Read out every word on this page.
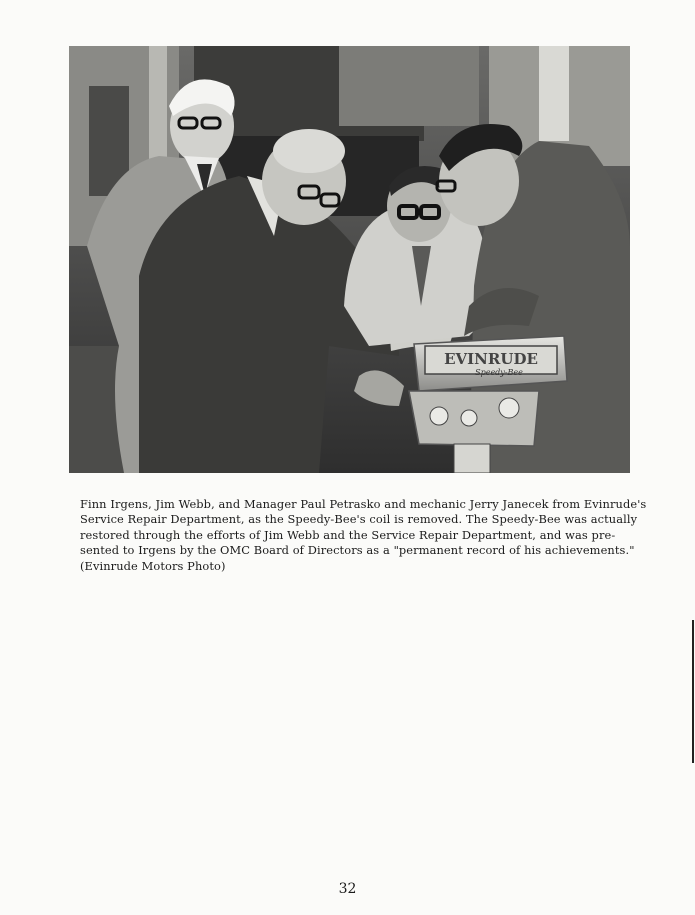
EVINRUDE
Speedy-Bee
Finn Irgens, Jim Webb, and Manager Paul Petrasko and mechanic Jerry Janecek from Evinrude's
Service Repair Department, as the Speedy-Bee's coil is removed. The Speedy-Bee was actually
restored through the efforts of Jim Webb and the Service Repair Department, and was pre-
sented to Irgens by the OMC Board of Directors as a "permanent record of his achievements."
(Evinrude Motors Photo)
32
